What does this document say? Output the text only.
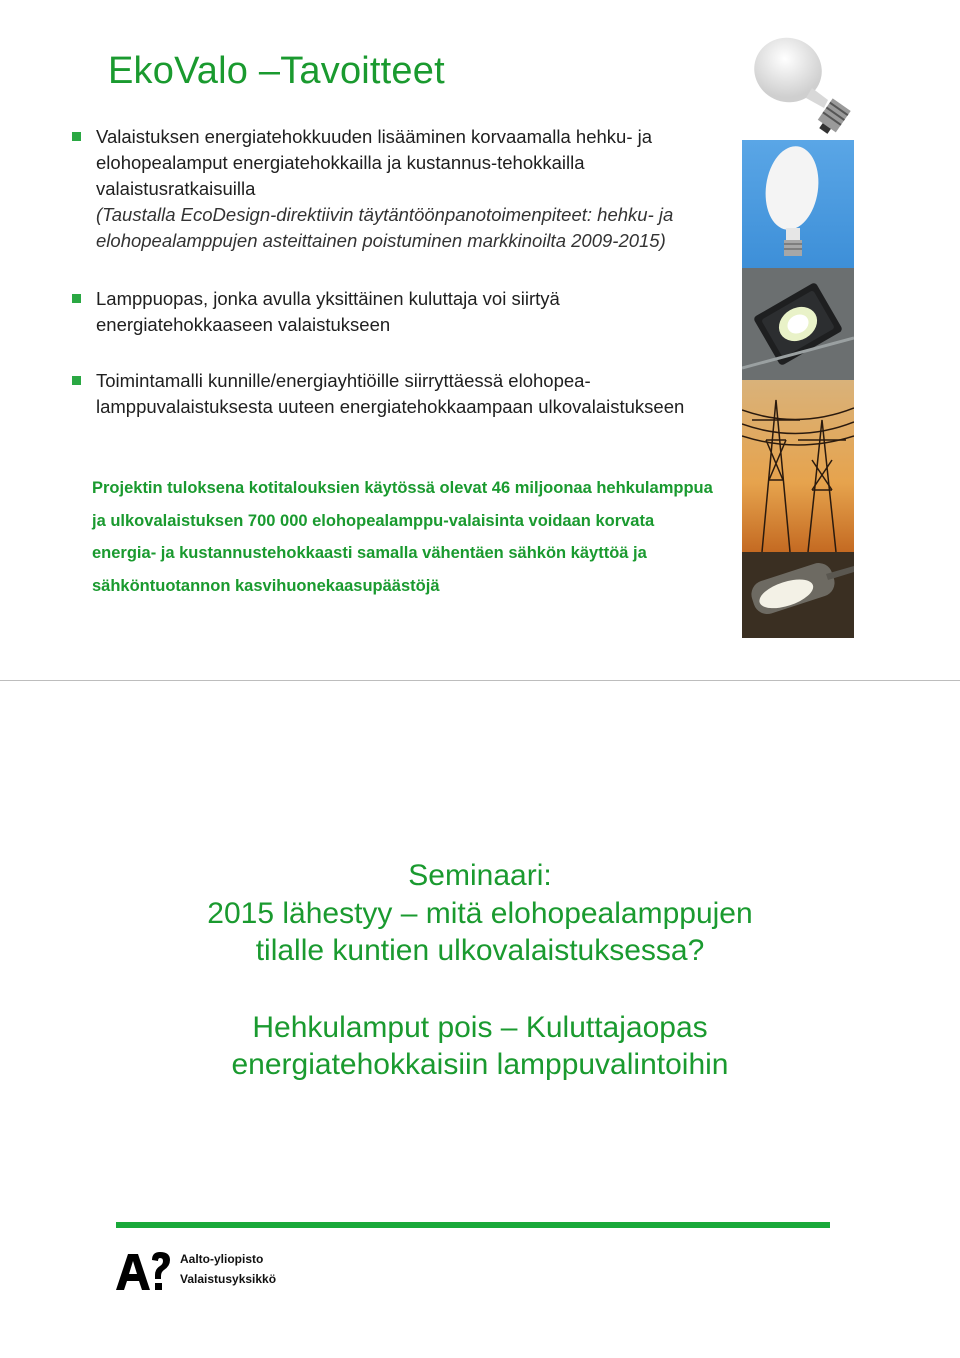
EkoValo –Tavoitteet
Valaistuksen energiatehokkuuden lisääminen korvaamalla hehku- ja elohopealamput energiatehokkailla ja kustannus-tehokkailla valaistusratkaisuilla
(Taustalla EcoDesign-direktiivin täytäntöönpanotoimenpiteet: hehku- ja elohopealamppujen asteittainen poistuminen markkinoilta 2009-2015)
Lamppuopas, jonka avulla yksittäinen kuluttaja voi siirtyä energiatehokkaaseen valaistukseen
Toimintamalli kunnille/energiayhtiöille siirryttäessä elohopea-lamppuvalaistuksesta uuteen energiatehokkaampaan ulkovalaistukseen
Projektin tuloksena kotitalouksien käytössä olevat 46 miljoonaa hehkulamppua ja ulkovalaistuksen 700 000 elohopealamppu-valaisinta voidaan korvata energia- ja kustannustehokkaasti samalla vähentäen sähkön käyttöä ja sähköntuotannon kasvihuonekaasupäästöjä
Seminaari:
2015 lähestyy – mitä elohopealamppujen
tilalle kuntien ulkovalaistuksessa?
Hehkulamput pois – Kuluttajaopas
energiatehokkaisiin lamppuvalintoihin
Aalto-yliopisto
Valaistusyksikkö
